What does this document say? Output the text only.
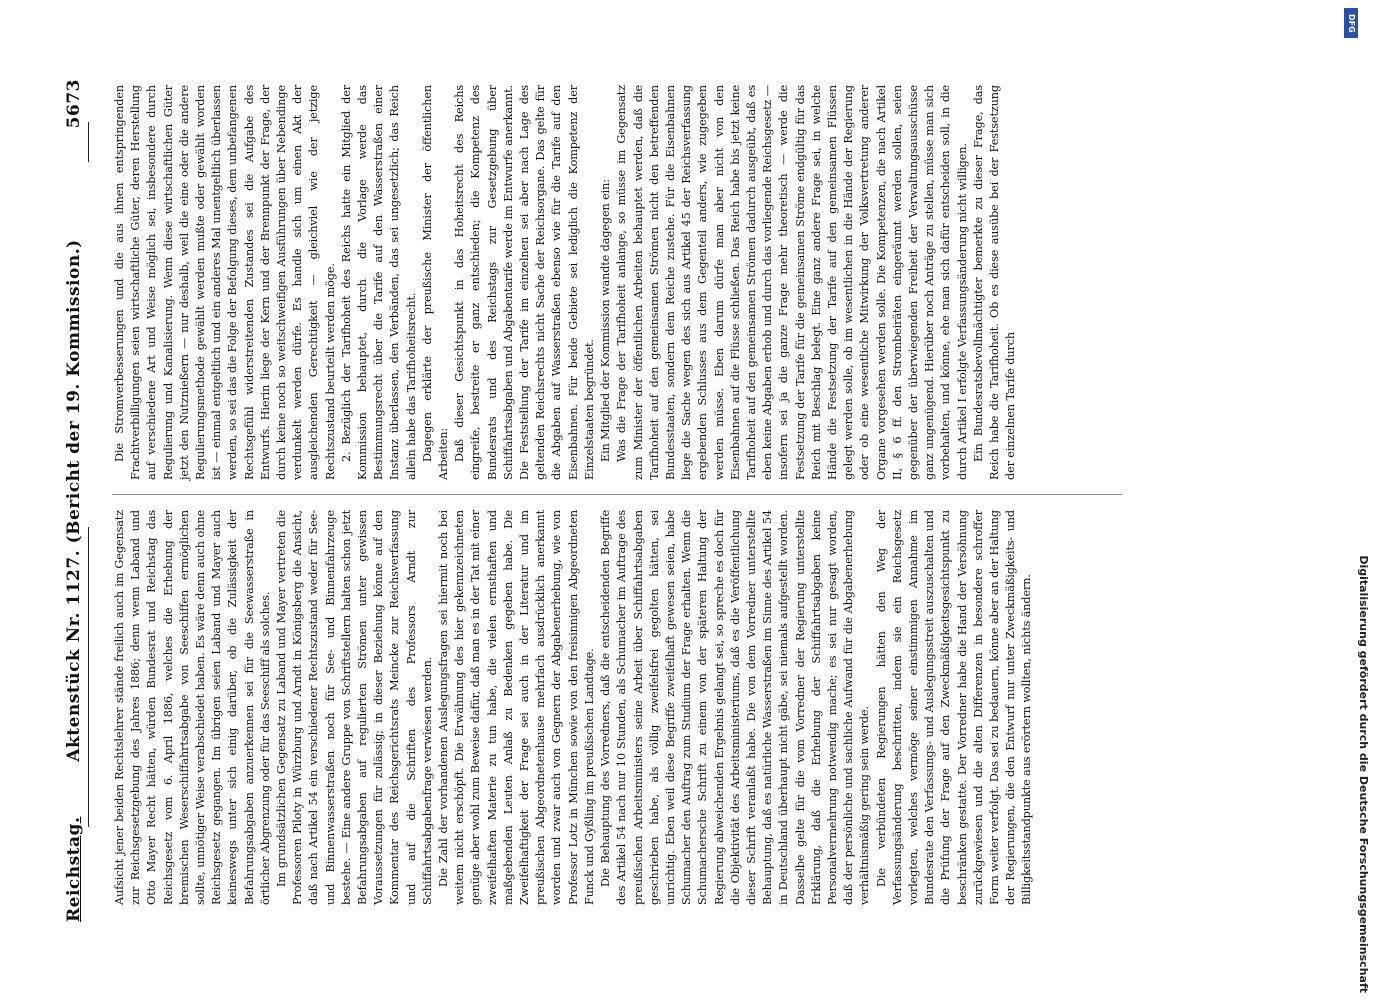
Reichstag.
Aktenstück Nr. 1127. (Bericht der 19. Kommission.)
5673

Aufsicht jener beiden Rechtslehrer stände freilich auch im Gegensatz zur Reichsgesetzgebung des Jahres 1886; denn wenn Laband und Otto Mayer Recht hätten, würden Bundesrat und Reichstag das Reichsgesetz vom 6. April 1886, welches die Erhebung der bremischen Weserschiffahrtsabgabe von Seeschiffen ermöglichen sollte, unnötiger Weise verabschiedet haben. Es wäre denn auch ohne Reichsgesetz gegangen. Im übrigen seien Laband und Mayer auch keineswegs unter sich einig darüber, ob die Zulässigkeit der Befahrungsabgaben anzuerkennen sei für die Seewasserstraße in örtlicher Abgrenzung oder für das Seeschiff als solches. Im grundsätzlichen Gegensatz zu Laband und Mayer vertreten die Professoren Piloty in Würzburg und Arndt in Königsberg die Ansicht, daß nach Artikel 54 ein verschiedener Rechtszustand weder für See- und Binnenwasserstraßen noch für See- und Binnenfahrzeuge bestehe. — Eine andere Gruppe von Schriftstellern halten schon jetzt Befahrungsabgaben auf regulierten Strömen unter gewissen Voraussetzungen für zulässig; in dieser Beziehung könne auf den Kommentar des Reichsgerichtsrats Meincke zur Reichsverfassung und auf die Schriften des Professors Arndt zur Schiffahrtsabgabenfrage verwiesen werden. Die Zahl der vorhandenen Auslegungsfragen sei hiermit noch bei weitem nicht erschöpft. Die Erwähnung des hier gekennzeichneten genüge aber wohl zum Beweise dafür, daß man es in der Tat mit einer zweifelhaften Materie zu tun habe, die vielen ernsthaften und maßgebenden Leuten Anlaß zu Bedenken gegeben habe. Die Zweifelhaftigkeit der Frage sei auch in der Literatur und im preußischen Abgeordnetenhause mehrfach ausdrücklich anerkannt worden und zwar auch von Gegnern der Abgabenerhebung, wie von Professor Lotz in München sowie von den freisinnigen Abgeordneten Funck und Gyßling im preußischen Landtage. Die Behauptung des Vorredners, daß die entscheidenden Begriffe des Artikel 54 nach nur 10 Stunden, als Schumacher im Auftrage des preußischen Arbeitsministers seine Arbeit über Schiffahrtsabgaben geschrieben habe, als völlig zweifelsfrei gegolten hätten, sei unrichtig. Eben weil diese Begriffe zweifelhaft gewesen seien, habe Schumacher den Auftrag zum Studium der Frage erhalten. Wenn die Schumachersche Schrift zu einem von der späteren Haltung der Regierung abweichenden Ergebnis gelangt sei, so spreche es doch für die Objektivität des Arbeitsministeriums, daß es die Veröffentlichung dieser Schrift veranlaßt habe. Die von dem Vorredner unterstellte Behauptung, daß es natürliche Wasserstraßen im Sinne des Artikel 54 in Deutschland überhaupt nicht gäbe, sei niemals aufgestellt worden. Dasselbe gelte für die vom Vorredner der Regierung unterstellte Erklärung, daß die Erhebung der Schiffahrtsabgaben keine Personalvermehrung notwendig mache; es sei nur gesagt worden, daß der persönliche und sachliche Aufwand für die Abgabenerhebung verhältnismäßig gering sein werde. Die verbündeten Regierungen hätten den Weg der Verfassungsänderung beschritten, indem sie ein Reichsgesetz vorlegten, welches vermöge seiner einstimmigen Annahme im Bundesrate den Verfassungs- und Auslegungsstreit auszuschalten und die Prüfung der Frage auf den Zweckmäßigkeitsgesichtspunkt zu beschränken gestatte. Der Vorredner habe die Hand der Versöhnung zurückgewiesen und die alten Differenzen in besondere schroffer Form weiter verfolgt. Das sei zu bedauern, könne aber an der Haltung der Regierungen, die den Entwurf nur unter Zweckmäßigkeits- und Billigkeitsstandpunkte aus erörtern wollten, nichts ändern.

Die Stromverbesserungen und die aus ihnen entspringenden Frachtverbilligungen seien wirtschaftliche Güter, deren Herstellung auf verschiedene Art und Weise möglich sei, insbesondere durch Regulierung und Kanalisierung. Wenn diese wirtschaftlichen Güter jetzt den Nutznießern — nur deshalb, weil die eine oder die andere Regulierungsmethode gewählt werden mußte oder gewählt worden ist — einmal entgeltlich und ein anderes Mal unentgeltlich überlassen werden, so sei das die Folge der Befolgung dieses, dem unbefangenen Rechtsgefühl widerstreitenden Zustandes sei die Aufgabe des Entwurfs. Hierin liege der Kern und der Brennpunkt der Frage, der durch keine noch so weitschweifigen Ausführungen über Nebendinge verdunkelt werden dürfe. Es handle sich um einen Akt der ausgleichenden Gerechtigkeit — gleichviel wie der jetzige Rechtszustand beurteilt werden möge. 2. Bezüglich der Tarifhoheit des Reichs hatte ein Mitglied der Kommission behauptet, durch die Vorlage werde das Bestimmungsrecht über die Tarife auf den Wasserstraßen einer Instanz überlassen, den Verbänden, das sei ungesetzlich; das Reich allein habe das Tarifhoheitsrecht. Dagegen erklärte der preußische Minister der öffentlichen Arbeiten: Daß dieser Gesichtspunkt in das Hoheitsrecht des Reichs eingreife, bestreite er ganz entschieden; die Kompetenz des Bundesrats und des Reichstags zur Gesetzgebung über Schiffahrtsabgaben und Abgabentarife werde im Entwurfe anerkannt. Die Feststellung der Tarife im einzelnen sei aber nach Lage des geltenden Reichsrechts nicht Sache der Reichsorgane. Das gelte für die Abgaben auf Wasserstraßen ebenso wie für die Tarife auf den Eisenbahnen. Für beide Gebiete sei lediglich die Kompetenz der Einzelstaaten begründet. Ein Mitglied der Kommission wandte dagegen ein: Was die Frage der Tarifhoheit anlange, so müsse im Gegensatz zum Minister der öffentlichen Arbeiten behauptet werden, daß die Tarifhoheit auf den gemeinsamen Strömen nicht den betreffenden Bundesstaaten, sondern dem Reiche zustehe. Für die Eisenbahnen liege die Sache wegen des sich aus Artikel 45 der Reichsverfassung ergebenden Schlusses aus dem Gegenteil anders, wie zugegeben werden müsse. Eben darum dürfe man aber nicht von den Eisenbahnen auf die Flüsse schließen. Das Reich habe bis jetzt keine Tarifhoheit auf den gemeinsamen Strömen dadurch ausgeübt, daß es eben keine Abgaben erhob und durch das vorliegende Reichsgesetz — insofern sei ja die ganze Frage mehr theoretisch — werde die Festsetzung der Tarife für die gemeinsamen Ströme endgültig für das Reich mit Beschlag belegt. Eine ganz andere Frage sei, in welche Hände die Festsetzung der Tarife auf den gemeinsamen Flüssen gelegt werden solle, ob im wesentlichen in die Hände der Regierung oder ob eine wesentliche Mitwirkung der Volksvertretung anderer Organe vorgesehen werden solle. Die Kompetenzen, die nach Artikel II, § 6 ff. den Strombeiräten eingeräumt werden sollen, seien gegenüber der überwiegenden Freiheit der Verwaltungsausschüsse ganz ungenügend. Hierüber noch Anträge zu stellen, müsse man sich vorbehalten, und könne, ehe man sich dafür entscheiden soll, in die durch Artikel I erfolgte Verfassungsänderung nicht willigen. Ein Bundesratsbevollmächtigter bemerkte zu dieser Frage, das Reich habe die Tarifhoheit. Ob es diese ausübe bei der Festsetzung der einzelnen Tarife durch

DFG
Digitalisierung gefördert durch die Deutsche Forschungsgemeinschaft
